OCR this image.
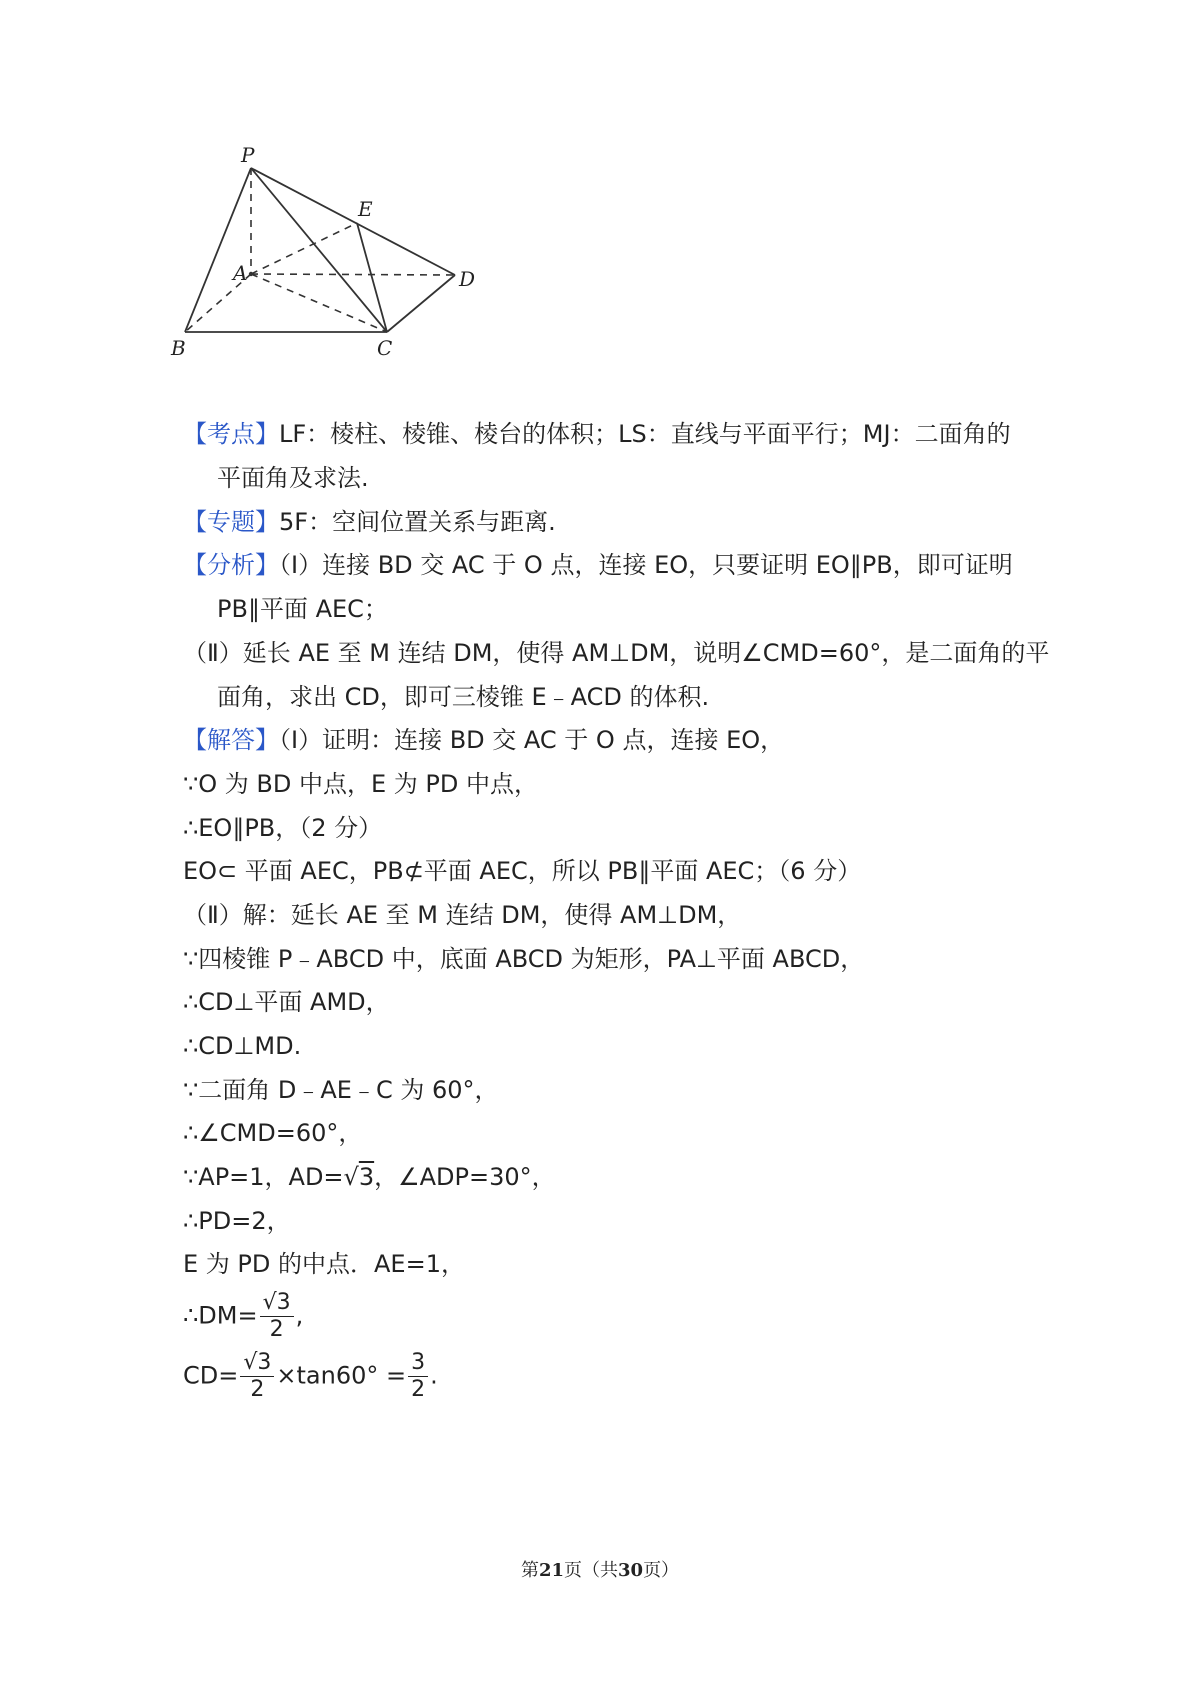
P
E
A	D
B	C
【考点】LF：棱柱、棱锥、棱台的体积；LS：直线与平面平行；MJ：二面角的
平面角及求法.
【专题】5F：空间位置关系与距离.
【分析】（Ⅰ）连接 BD 交 AC 于 O 点，连接 EO，只要证明 EO∥PB，即可证明
PB∥平面 AEC；
（Ⅱ）延长 AE 至 M 连结 DM，使得 AM⊥DM，说明∠CMD=60°，是二面角的平
面角，求出 CD，即可三棱锥 E﹣ACD 的体积.
【解答】（Ⅰ）证明：连接 BD 交 AC 于 O 点，连接 EO，
∵O 为 BD 中点，E 为 PD 中点，
∴EO∥PB，（2 分）
EO⊂ 平面 AEC，PB⊄平面 AEC，所以 PB∥平面 AEC；（6 分）
（Ⅱ）解：延长 AE 至 M 连结 DM，使得 AM⊥DM，
∵四棱锥 P﹣ABCD 中，底面 ABCD 为矩形，PA⊥平面 ABCD，
∴CD⊥平面 AMD，
∴CD⊥MD.
∵二面角 D﹣AE﹣C 为 60°，
∴∠CMD=60°，
∵AP=1，AD=√3，∠ADP=30°，
∴PD=2，
E 为 PD 的中点．AE=1，
∴DM= $\frac{√3}{2}$ ,
$CD= \frac{√3}{2} \times\tan 60^\circ = \frac{3}{2}$ .
第21页（共30页）
